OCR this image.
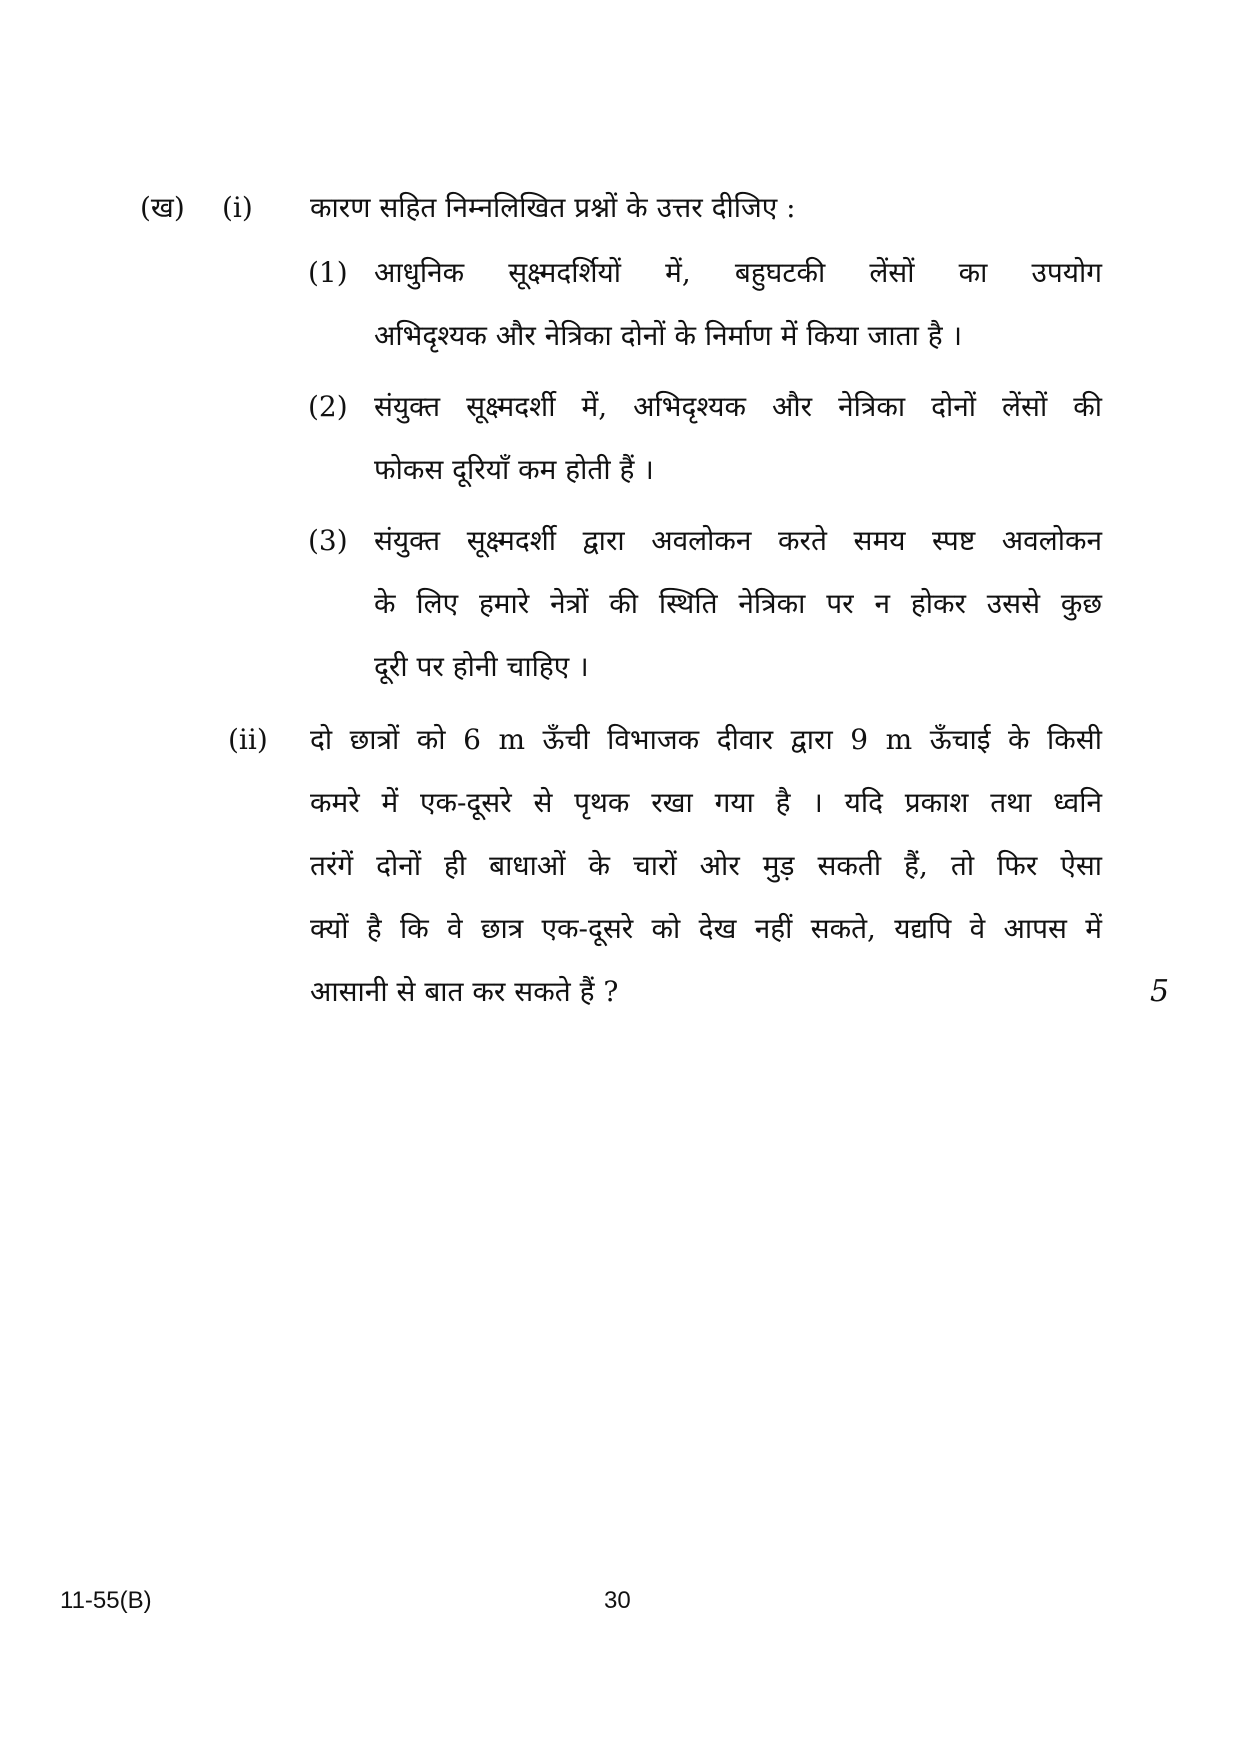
(ख) (i) कारण सहित निम्नलिखित प्रश्नों के उत्तर दीजिए :
(1) आधुनिक सूक्ष्मदर्शियों में, बहुघटकी लेंसों का उपयोग
अभिदृश्यक और नेत्रिका दोनों के निर्माण में किया जाता है ।
(2) संयुक्त सूक्ष्मदर्शी में, अभिदृश्यक और नेत्रिका दोनों लेंसों की
फोकस दूरियाँ कम होती हैं ।
(3) संयुक्त सूक्ष्मदर्शी द्वारा अवलोकन करते समय स्पष्ट अवलोकन
के लिए हमारे नेत्रों की स्थिति नेत्रिका पर न होकर उससे कुछ
दूरी पर होनी चाहिए ।
(ii) दो छात्रों को 6 m ऊँची विभाजक दीवार द्वारा 9 m ऊँचाई के किसी
कमरे में एक-दूसरे से पृथक रखा गया है । यदि प्रकाश तथा ध्वनि
तरंगें दोनों ही बाधाओं के चारों ओर मुड़ सकती हैं, तो फिर ऐसा
क्यों है कि वे छात्र एक-दूसरे को देख नहीं सकते, यद्यपि वे आपस में
आसानी से बात कर सकते हैं ?	5
11-55(B)	30
